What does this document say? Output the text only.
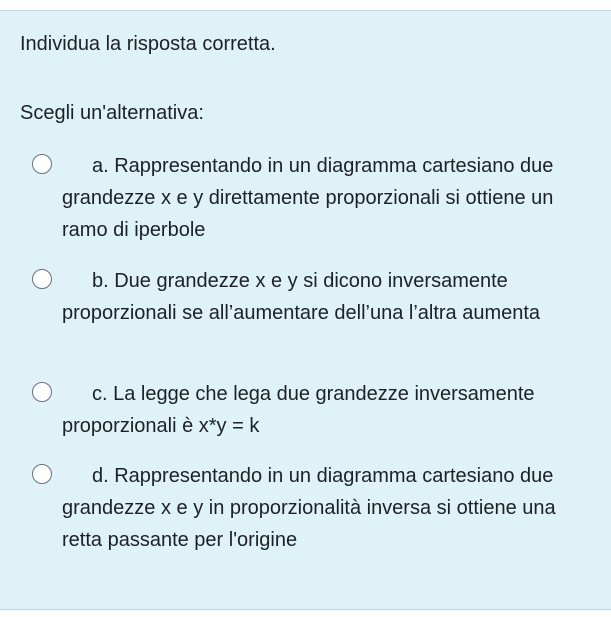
Individua la risposta corretta.

Scegli un'alternativa:

a. Rappresentando in un diagramma cartesiano due grandezze x e y direttamente proporzionali si ottiene un ramo di iperbole
b. Due grandezze x e y si dicono inversamente proporzionali se all’aumentare dell’una l’altra aumenta
c. La legge che lega due grandezze inversamente proporzionali è x*y = k
d. Rappresentando in un diagramma cartesiano due grandezze x e y in proporzionalità inversa si ottiene una retta passante per l'origine
